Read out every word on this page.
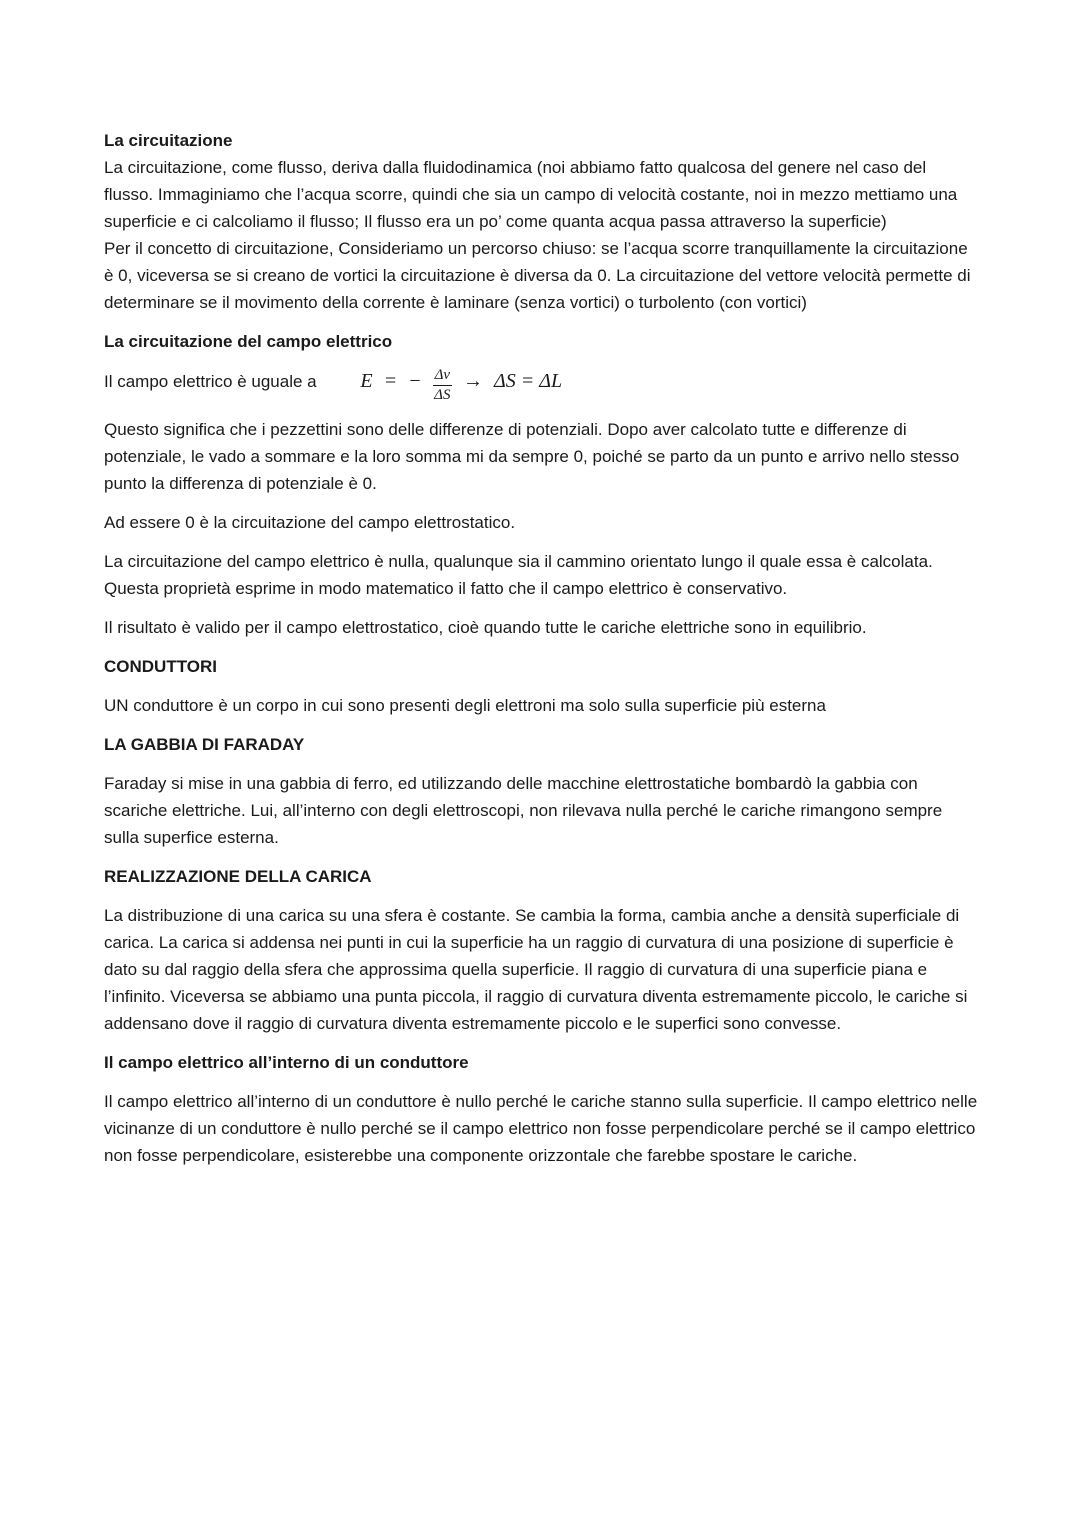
La circuitazione
La circuitazione, come flusso, deriva dalla fluidodinamica (noi abbiamo fatto qualcosa del genere nel caso del flusso. Immaginiamo che l’acqua scorre, quindi che sia un campo di velocità costante, noi in mezzo mettiamo una superficie e ci calcoliamo il flusso; Il flusso era un po’ come quanta acqua passa attraverso la superficie)
Per il concetto di circuitazione, Consideriamo un percorso chiuso: se l’acqua scorre tranquillamente la circuitazione è 0, viceversa se si creano de vortici la circuitazione è diversa da 0. La circuitazione del vettore velocità permette di determinare se il movimento della corrente è laminare (senza vortici) o turbolento (con vortici)

La circuitazione del campo elettrico

Il campo elettrico è uguale a E = − $\frac{\Delta v}{\Delta S} \to \Delta S = \Delta L$

Questo significa che i pezzettini sono delle differenze di potenziali. Dopo aver calcolato tutte e differenze di potenziale, le vado a sommare e la loro somma mi da sempre 0, poiché se parto da un punto e arrivo nello stesso punto la differenza di potenziale è 0.

Ad essere 0 è la circuitazione del campo elettrostatico.

La circuitazione del campo elettrico è nulla, qualunque sia il cammino orientato lungo il quale essa è calcolata. Questa proprietà esprime in modo matematico il fatto che il campo elettrico è conservativo.

Il risultato è valido per il campo elettrostatico, cioè quando tutte le cariche elettriche sono in equilibrio.

CONDUTTORI

UN conduttore è un corpo in cui sono presenti degli elettroni ma solo sulla superficie più esterna

LA GABBIA DI FARADAY

Faraday si mise in una gabbia di ferro, ed utilizzando delle macchine elettrostatiche bombardò la gabbia con scariche elettriche. Lui, all’interno con degli elettroscopi, non rilevava nulla perché le cariche rimangono sempre sulla superfice esterna.

REALIZZAZIONE DELLA CARICA

La distribuzione di una carica su una sfera è costante. Se cambia la forma, cambia anche a densità superficiale di carica. La carica si addensa nei punti in cui la superficie ha un raggio di curvatura di una posizione di superficie è dato su dal raggio della sfera che approssima quella superficie. Il raggio di curvatura di una superficie piana e l’infinito. Viceversa se abbiamo una punta piccola, il raggio di curvatura diventa estremamente piccolo, le cariche si addensano dove il raggio di curvatura diventa estremamente piccolo e le superfici sono convesse.

Il campo elettrico all’interno di un conduttore

Il campo elettrico all’interno di un conduttore è nullo perché le cariche stanno sulla superficie. Il campo elettrico nelle vicinanze di un conduttore è nullo perché se il campo elettrico non fosse perpendicolare perché se il campo elettrico non fosse perpendicolare, esisterebbe una componente orizzontale che farebbe spostare le cariche.
